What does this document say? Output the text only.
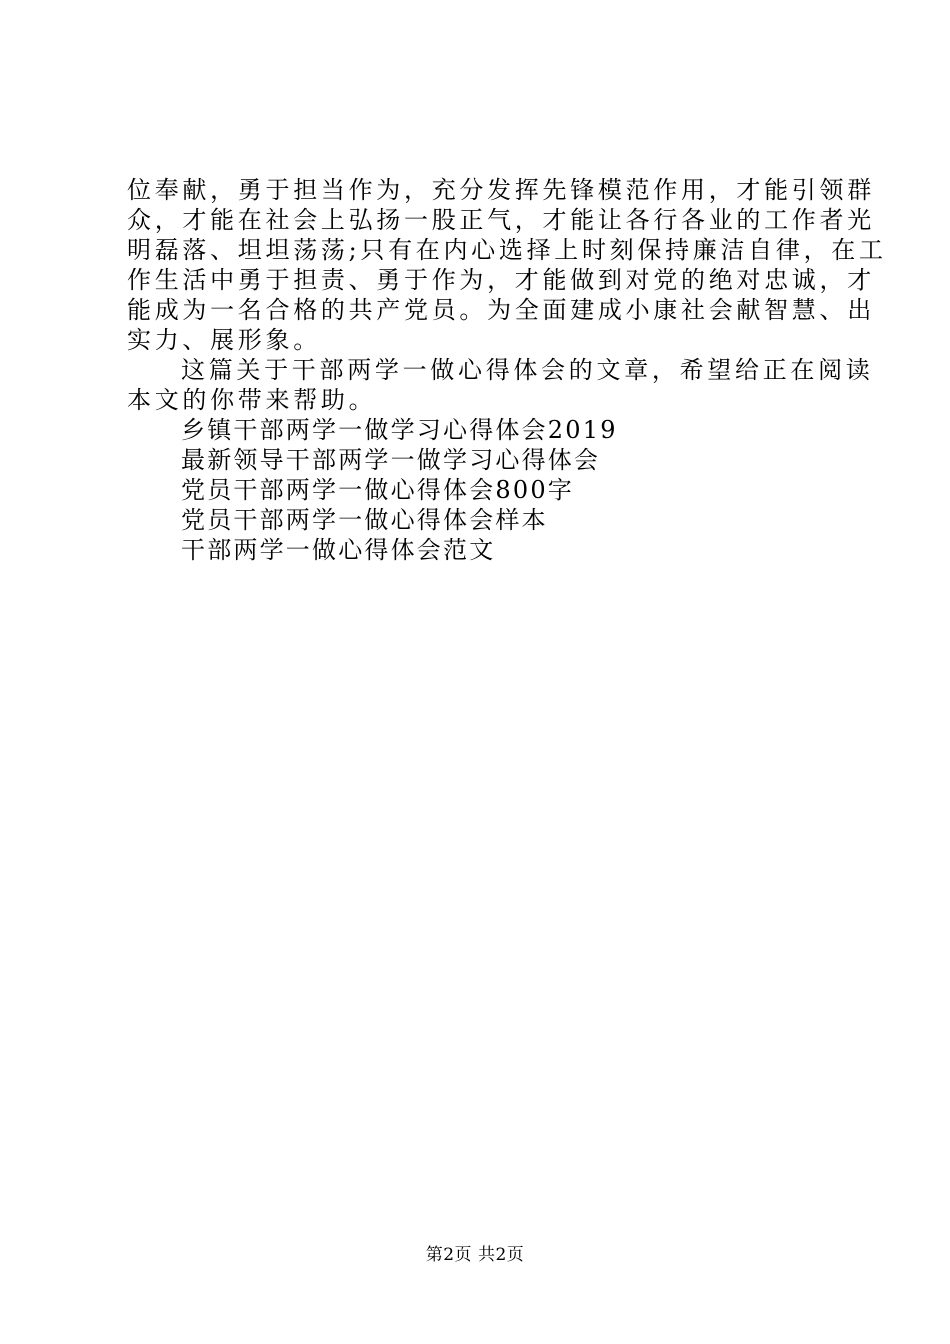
位奉献，勇于担当作为，充分发挥先锋模范作用，才能引领群
众，才能在社会上弘扬一股正气，才能让各行各业的工作者光
明磊落、坦坦荡荡;只有在内心选择上时刻保持廉洁自律，在工
作生活中勇于担责、勇于作为，才能做到对党的绝对忠诚，才
能成为一名合格的共产党员。为全面建成小康社会献智慧、出
实力、展形象。
这篇关于干部两学一做心得体会的文章，希望给正在阅读
本文的你带来帮助。
乡镇干部两学一做学习心得体会2019
最新领导干部两学一做学习心得体会
党员干部两学一做心得体会800字
党员干部两学一做心得体会样本
干部两学一做心得体会范文
第2页 共2页
